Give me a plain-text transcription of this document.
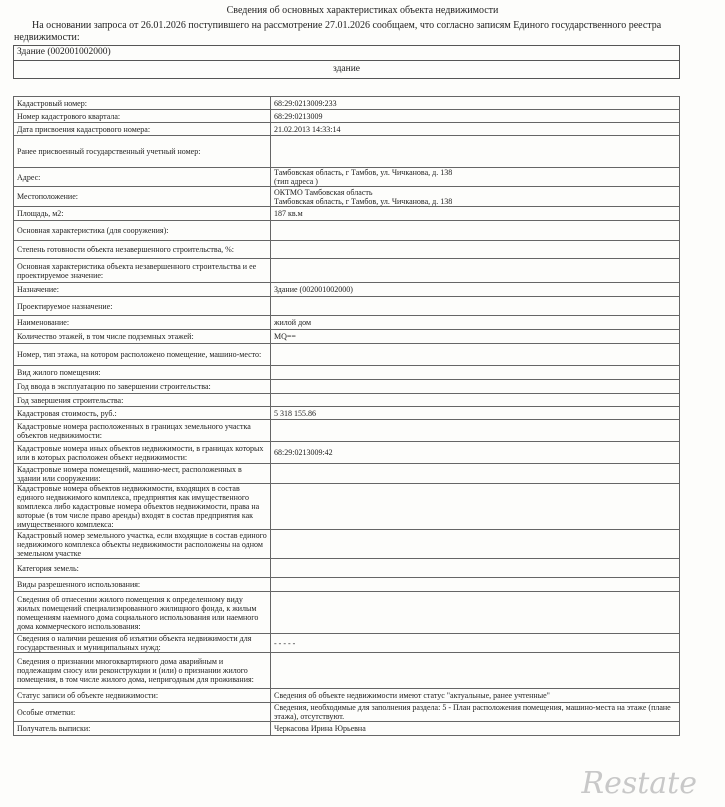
Сведения об основных характеристиках объекта недвижимости
На основании запроса от 26.01.2026 поступившего на рассмотрение 27.01.2026 сообщаем, что согласно записям Единого государственного реестра недвижимости:
Здание (002001002000)
здание
Кадастровый номер:	68:29:0213009:233
Номер кадастрового квартала:	68:29:0213009
Дата присвоения кадастрового номера:	21.02.2013 14:33:14
Ранее присвоенный государственный учетный номер:	
Адрес:	Тамбовская область, г Тамбов, ул. Чичканова, д. 138
(тип адреса )
Местоположение:	ОКТМО Тамбовская область
Тамбовская область, г Тамбов, ул. Чичканова, д. 138
Площадь, м2:	187 кв.м
Основная характеристика (для сооружения):	
Степень готовности объекта незавершенного строительства, %:	
Основная характеристика объекта незавершенного строительства и ее проектируемое значение:	
Назначение:	Здание (002001002000)
Проектируемое назначение:	
Наименование:	жилой дом
Количество этажей, в том числе подземных этажей:	MQ==
Номер, тип этажа, на котором расположено помещение, машино-место:	
Вид жилого помещения:	
Год ввода в эксплуатацию по завершении строительства:	
Год завершения строительства:	
Кадастровая стоимость, руб.:	5 318 155.86
Кадастровые номера расположенных в границах земельного участка объектов недвижимости:	
Кадастровые номера иных объектов недвижимости, в границах которых или в которых расположен объект недвижимости:	68:29:0213009:42
Кадастровые номера помещений, машино-мест, расположенных в здании или сооружении:	
Кадастровые номера объектов недвижимости, входящих в состав единого недвижимого комплекса, предприятия как имущественного комплекса либо кадастровые номера объектов недвижимости, права на которые (в том числе право аренды) входят в состав предприятия как имущественного комплекса:	
Кадастровый номер земельного участка, если входящие в состав единого недвижимого комплекса объекты недвижимости расположены на одном земельном участке	
Категория земель:	
Виды разрешенного использования:	
Сведения об отнесении жилого помещения к определенному виду жилых помещений специализированного жилищного фонда, к жилым помещениям наемного дома социального использования или наемного дома коммерческого использования:	
Сведения о наличии решения об изъятии объекта недвижимости для государственных и муниципальных нужд:	- - - - -
Сведения о признании многоквартирного дома аварийным и подлежащим сносу или реконструкции и (или) о признании жилого помещения, в том числе жилого дома, непригодным для проживания:	
Статус записи об объекте недвижимости:	Сведения об объекте недвижимости имеют статус "актуальные, ранее учтенные"
Особые отметки:	Сведения, необходимые для заполнения раздела: 5 - План расположения помещения, машино-места на этаже (плане этажа), отсутствуют.
Получатель выписки:	Черкасова Ирина Юрьевна
Restate
